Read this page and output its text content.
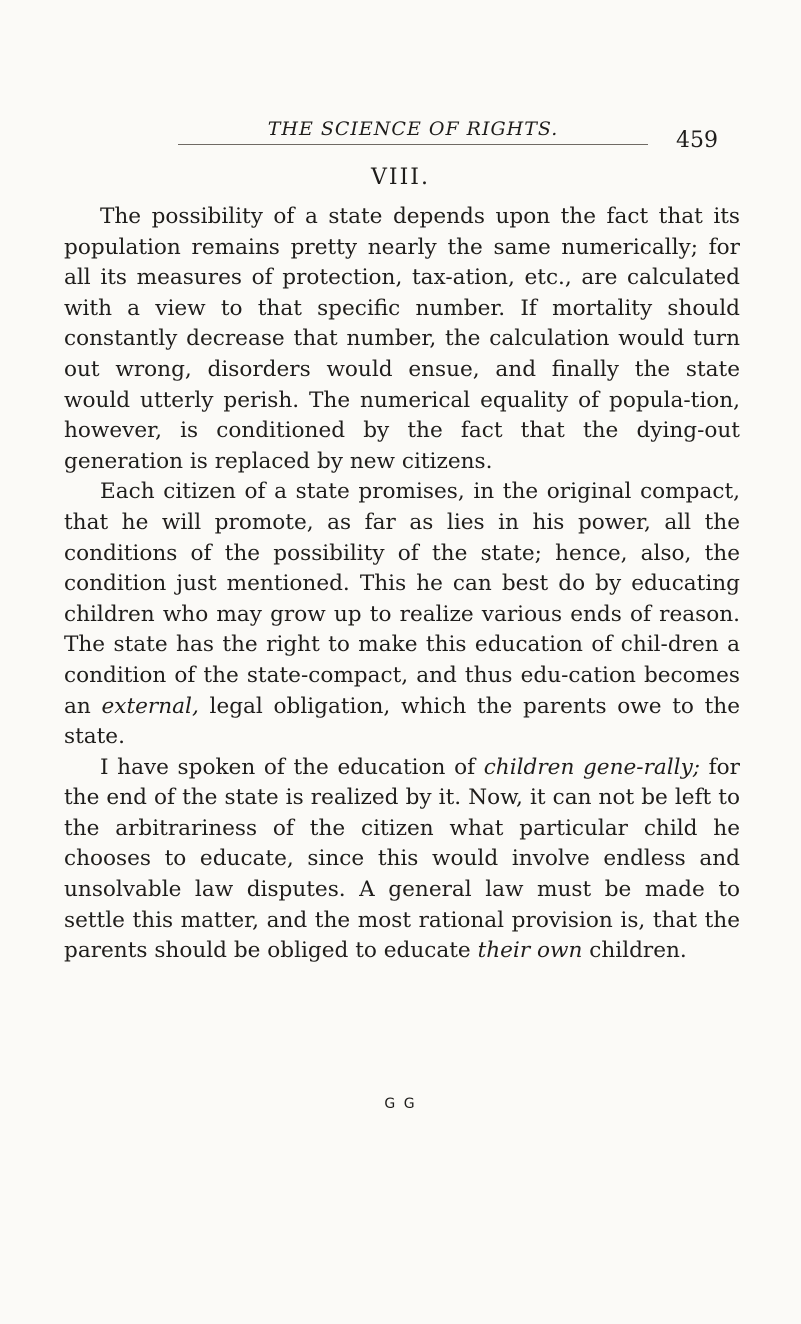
THE SCIENCE OF RIGHTS.	459
VIII.

The possibility of a state depends upon the fact that its population remains pretty nearly the same numerically; for all its measures of protection, tax-ation, etc., are calculated with a view to that specific number. If mortality should constantly decrease that number, the calculation would turn out wrong, disorders would ensue, and finally the state would utterly perish. The numerical equality of popula-tion, however, is conditioned by the fact that the dying-out generation is replaced by new citizens.

Each citizen of a state promises, in the original compact, that he will promote, as far as lies in his power, all the conditions of the possibility of the state; hence, also, the condition just mentioned. This he can best do by educating children who may grow up to realize various ends of reason. The state has the right to make this education of chil-dren a condition of the state-compact, and thus edu-cation becomes an external, legal obligation, which the parents owe to the state.

I have spoken of the education of children gene-rally; for the end of the state is realized by it. Now, it can not be left to the arbitrariness of the citizen what particular child he chooses to educate, since this would involve endless and unsolvable law disputes. A general law must be made to settle this matter, and the most rational provision is, that the parents should be obliged to educate their own children.

G G
